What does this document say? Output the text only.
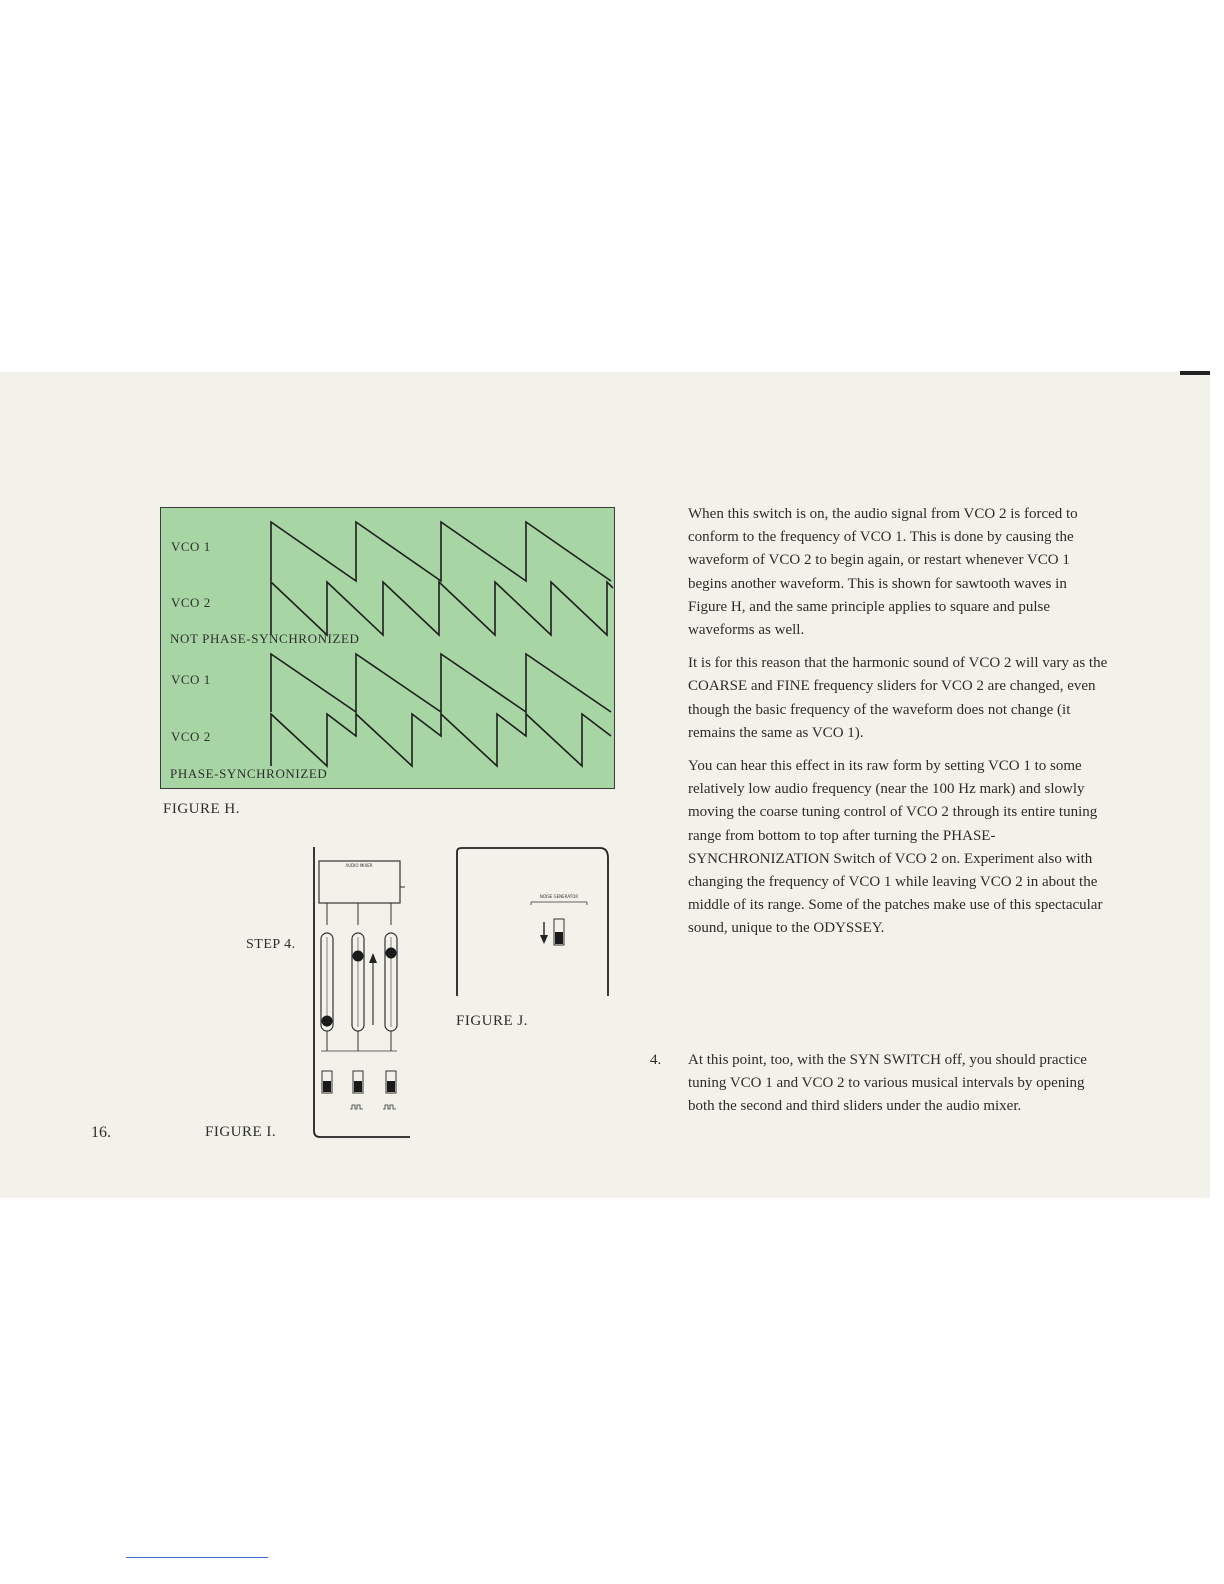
VCO 1
VCO 2
NOT PHASE-SYNCHRONIZED
VCO 1
VCO 2
PHASE-SYNCHRONIZED
FIGURE H.
STEP 4.
AUDIO MIXER
FIGURE I.
NOISE GENERATOR
FIGURE J.

When this switch is on, the audio signal from VCO 2 is forced to conform to the frequency of VCO 1. This is done by causing the waveform of VCO 2 to begin again, or restart whenever VCO 1 begins another waveform. This is shown for sawtooth waves in Figure H, and the same principle applies to square and pulse waveforms as well.

It is for this reason that the harmonic sound of VCO 2 will vary as the COARSE and FINE frequency sliders for VCO 2 are changed, even though the basic frequency of the waveform does not change (it remains the same as VCO 1).

You can hear this effect in its raw form by setting VCO 1 to some relatively low audio frequency (near the 100 Hz mark) and slowly moving the coarse tuning control of VCO 2 through its entire tuning range from bottom to top after turning the PHASE-SYNCHRONIZATION Switch of VCO 2 on. Experiment also with changing the frequency of VCO 1 while leaving VCO 2 in about the middle of its range. Some of the patches make use of this spectacular sound, unique to the ODYSSEY.

4. At this point, too, with the SYN SWITCH off, you should practice tuning VCO 1 and VCO 2 to various musical intervals by opening both the second and third sliders under the audio mixer.
16.
